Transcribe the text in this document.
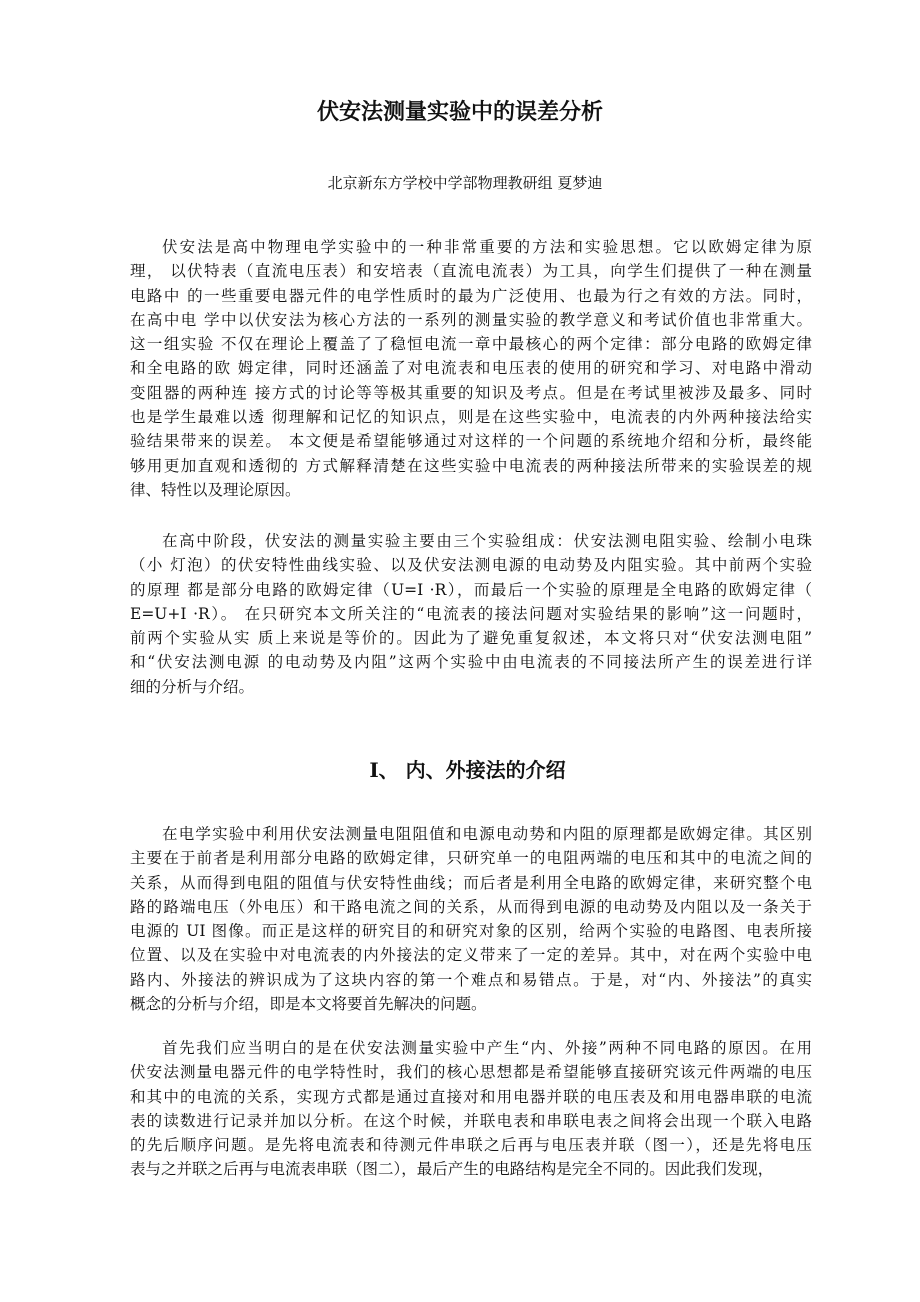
伏安法测量实验中的误差分析
北京新东方学校中学部物理教研组 夏梦迪
伏安法是高中物理电学实验中的一种非常重要的方法和实验思想。它以欧姆定律为原
理， 以伏特表（直流电压表）和安培表（直流电流表）为工具，向学生们提供了一种在测量
电路中 的一些重要电器元件的电学性质时的最为广泛使用、也最为行之有效的方法。同时，
在高中电 学中以伏安法为核心方法的一系列的测量实验的教学意义和考试价值也非常重大。
这一组实验 不仅在理论上覆盖了了稳恒电流一章中最核心的两个定律：部分电路的欧姆定律
和全电路的欧 姆定律，同时还涵盖了对电流表和电压表的使用的研究和学习、对电路中滑动
变阻器的两种连 接方式的讨论等等极其重要的知识及考点。但是在考试里被涉及最多、同时
也是学生最难以透 彻理解和记忆的知识点，则是在这些实验中，电流表的内外两种接法给实
验结果带来的误差。 本文便是希望能够通过对这样的一个问题的系统地介绍和分析，最终能
够用更加直观和透彻的 方式解释清楚在这些实验中电流表的两种接法所带来的实验误差的规
律、特性以及理论原因。
在高中阶段，伏安法的测量实验主要由三个实验组成：伏安法测电阻实验、绘制小电珠
（小 灯泡）的伏安特性曲线实验、以及伏安法测电源的电动势及内阻实验。其中前两个实验
的原理 都是部分电路的欧姆定律（U=I ·R），而最后一个实验的原理是全电路的欧姆定律（
E=U+I ·R）。 在只研究本文所关注的“电流表的接法问题对实验结果的影响”这一问题时，
前两个实验从实 质上来说是等价的。因此为了避免重复叙述，本文将只对“伏安法测电阻”
和“伏安法测电源 的电动势及内阻”这两个实验中由电流表的不同接法所产生的误差进行详
细的分析与介绍。
I、 内、外接法的介绍
在电学实验中利用伏安法测量电阻阻值和电源电动势和内阻的原理都是欧姆定律。其区别
主要在于前者是利用部分电路的欧姆定律，只研究单一的电阻两端的电压和其中的电流之间的
关系，从而得到电阻的阻值与伏安特性曲线；而后者是利用全电路的欧姆定律，来研究整个电
路的路端电压（外电压）和干路电流之间的关系，从而得到电源的电动势及内阻以及一条关于
电源的 UI 图像。而正是这样的研究目的和研究对象的区别，给两个实验的电路图、电表所接
位置、以及在实验中对电流表的内外接法的定义带来了一定的差异。其中，对在两个实验中电
路内、外接法的辨识成为了这块内容的第一个难点和易错点。于是，对“内、外接法”的真实
概念的分析与介绍，即是本文将要首先解决的问题。
首先我们应当明白的是在伏安法测量实验中产生“内、外接”两种不同电路的原因。在用
伏安法测量电器元件的电学特性时，我们的核心思想都是希望能够直接研究该元件两端的电压
和其中的电流的关系，实现方式都是通过直接对和用电器并联的电压表及和用电器串联的电流
表的读数进行记录并加以分析。在这个时候，并联电表和串联电表之间将会出现一个联入电路
的先后顺序问题。是先将电流表和待测元件串联之后再与电压表并联（图一），还是先将电压
表与之并联之后再与电流表串联（图二），最后产生的电路结构是完全不同的。因此我们发现，
